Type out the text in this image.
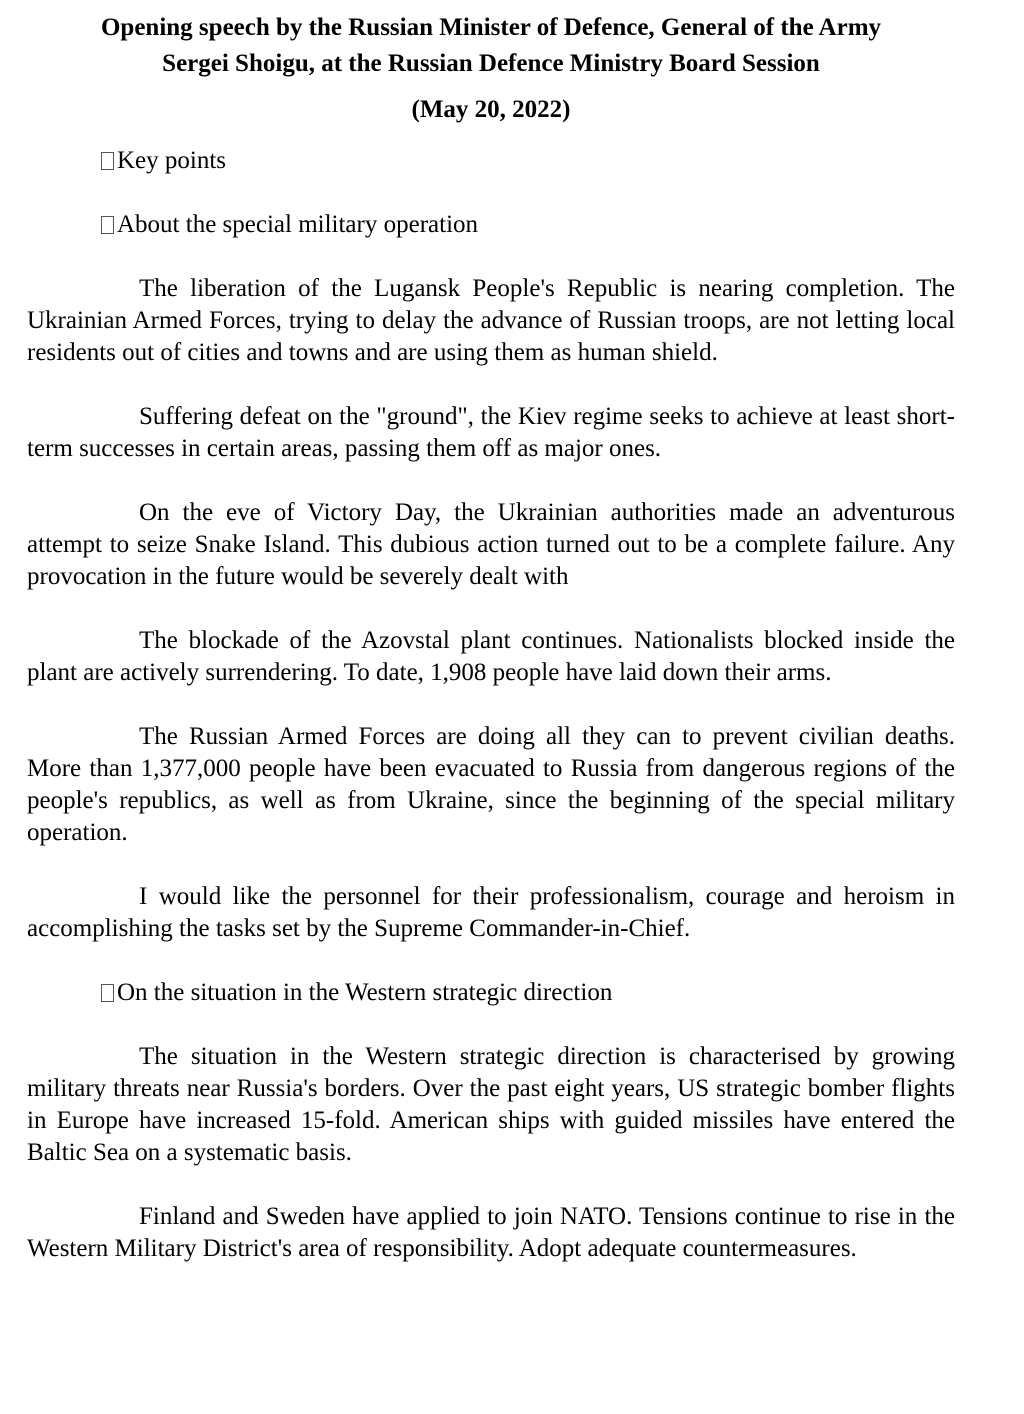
Opening speech by the Russian Minister of Defence, General of the Army
Sergei Shoigu, at the Russian Defence Ministry Board Session

(May 20, 2022)

Key points

About the special military operation

The liberation of the Lugansk People's Republic is nearing completion. The Ukrainian Armed Forces, trying to delay the advance of Russian troops, are not letting local residents out of cities and towns and are using them as human shield.

Suffering defeat on the "ground", the Kiev regime seeks to achieve at least short-term successes in certain areas, passing them off as major ones.

On the eve of Victory Day, the Ukrainian authorities made an adventurous attempt to seize Snake Island. This dubious action turned out to be a complete failure. Any provocation in the future would be severely dealt with

The blockade of the Azovstal plant continues. Nationalists blocked inside the plant are actively surrendering. To date, 1,908 people have laid down their arms.

The Russian Armed Forces are doing all they can to prevent civilian deaths. More than 1,377,000 people have been evacuated to Russia from dangerous regions of the people's republics, as well as from Ukraine, since the beginning of the special military operation.

I would like the personnel for their professionalism, courage and heroism in accomplishing the tasks set by the Supreme Commander-in-Chief.

On the situation in the Western strategic direction

The situation in the Western strategic direction is characterised by growing military threats near Russia's borders. Over the past eight years, US strategic bomber flights in Europe have increased 15-fold. American ships with guided missiles have entered the Baltic Sea on a systematic basis.

Finland and Sweden have applied to join NATO. Tensions continue to rise in the Western Military District's area of responsibility. Adopt adequate countermeasures.
